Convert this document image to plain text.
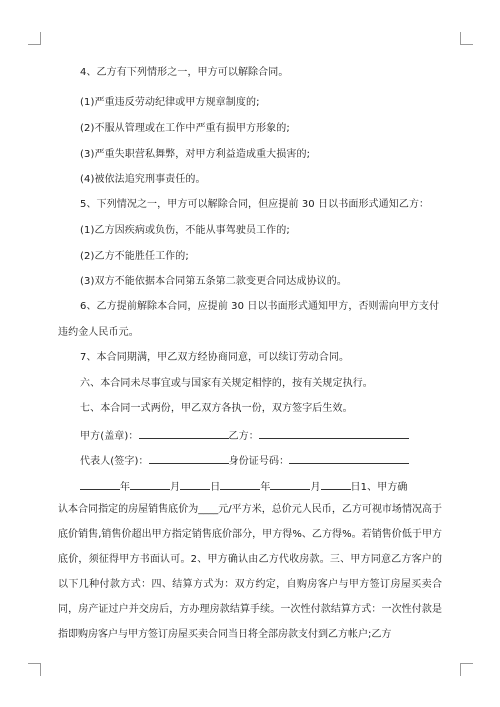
4、乙方有下列情形之一，甲方可以解除合同。
(1)严重违反劳动纪律或甲方规章制度的;
(2)不服从管理或在工作中严重有损甲方形象的;
(3)严重失职营私舞弊，对甲方利益造成重大损害的;
(4)被依法追究刑事责任的。
5、下列情况之一，甲方可以解除合同，但应提前 30 日以书面形式通知乙方：
(1)乙方因疾病或负伤，不能从事驾驶员工作的;
(2)乙方不能胜任工作的;
(3)双方不能依据本合同第五条第二款变更合同达成协议的。
6、乙方提前解除本合同，应提前 30 日以书面形式通知甲方，否则需向甲方支付
违约金人民币元。
7、本合同期满，甲乙双方经协商同意，可以续订劳动合同。
六、本合同未尽事宜或与国家有关规定相悖的，按有关规定执行。
七、本合同一式两份，甲乙双方各执一份，双方签字后生效。
甲方(盖章)：	乙方：
代表人(签字)：	身份证号码：
年	月	日	年	月	日1、甲方确
认本合同指定的房屋销售底价为____元/平方米，总价元人民币，乙方可视市场情况高于底价销售,销售价超出甲方指定销售底价部分，甲方得%、乙方得%。若销售价低于甲方底价，须征得甲方书面认可。2、甲方确认由乙方代收房款。三、甲方同意乙方客户的以下几种付款方式：四、结算方式为：双方约定，自购房客户与甲方签订房屋买卖合同，房产证过户并交房后，方办理房款结算手续。一次性付款结算方式：一次性付款是指即购房客户与甲方签订房屋买卖合同当日将全部房款支付到乙方帐户;乙方
